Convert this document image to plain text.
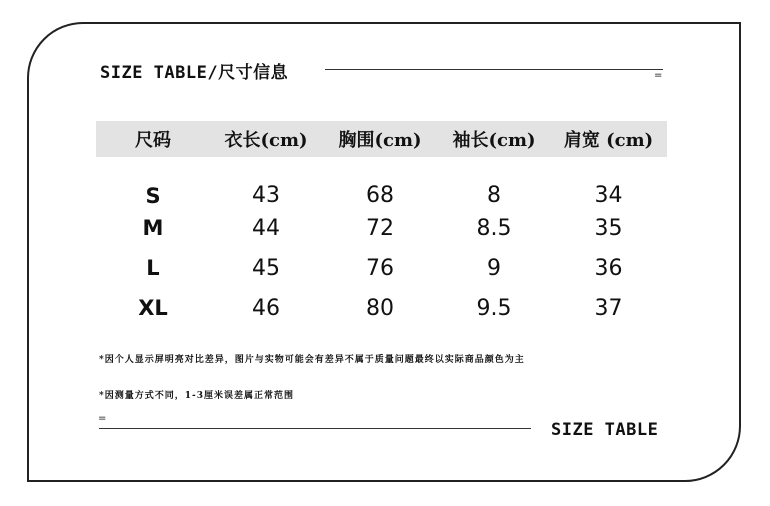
SIZE TABLE/尺寸信息	=
尺码	衣长(cm)	胸围(cm)	袖长(cm)	肩宽 (cm)
S	43	68	8	34
M	44	72	8.5	35
L	45	76	9	36
XL	46	80	9.5	37
*因个人显示屏明亮对比差异，图片与实物可能会有差异不属于质量问题最终以实际商品颜色为主
*因测量方式不同，1-3厘米误差属正常范围
=
SIZE TABLE
